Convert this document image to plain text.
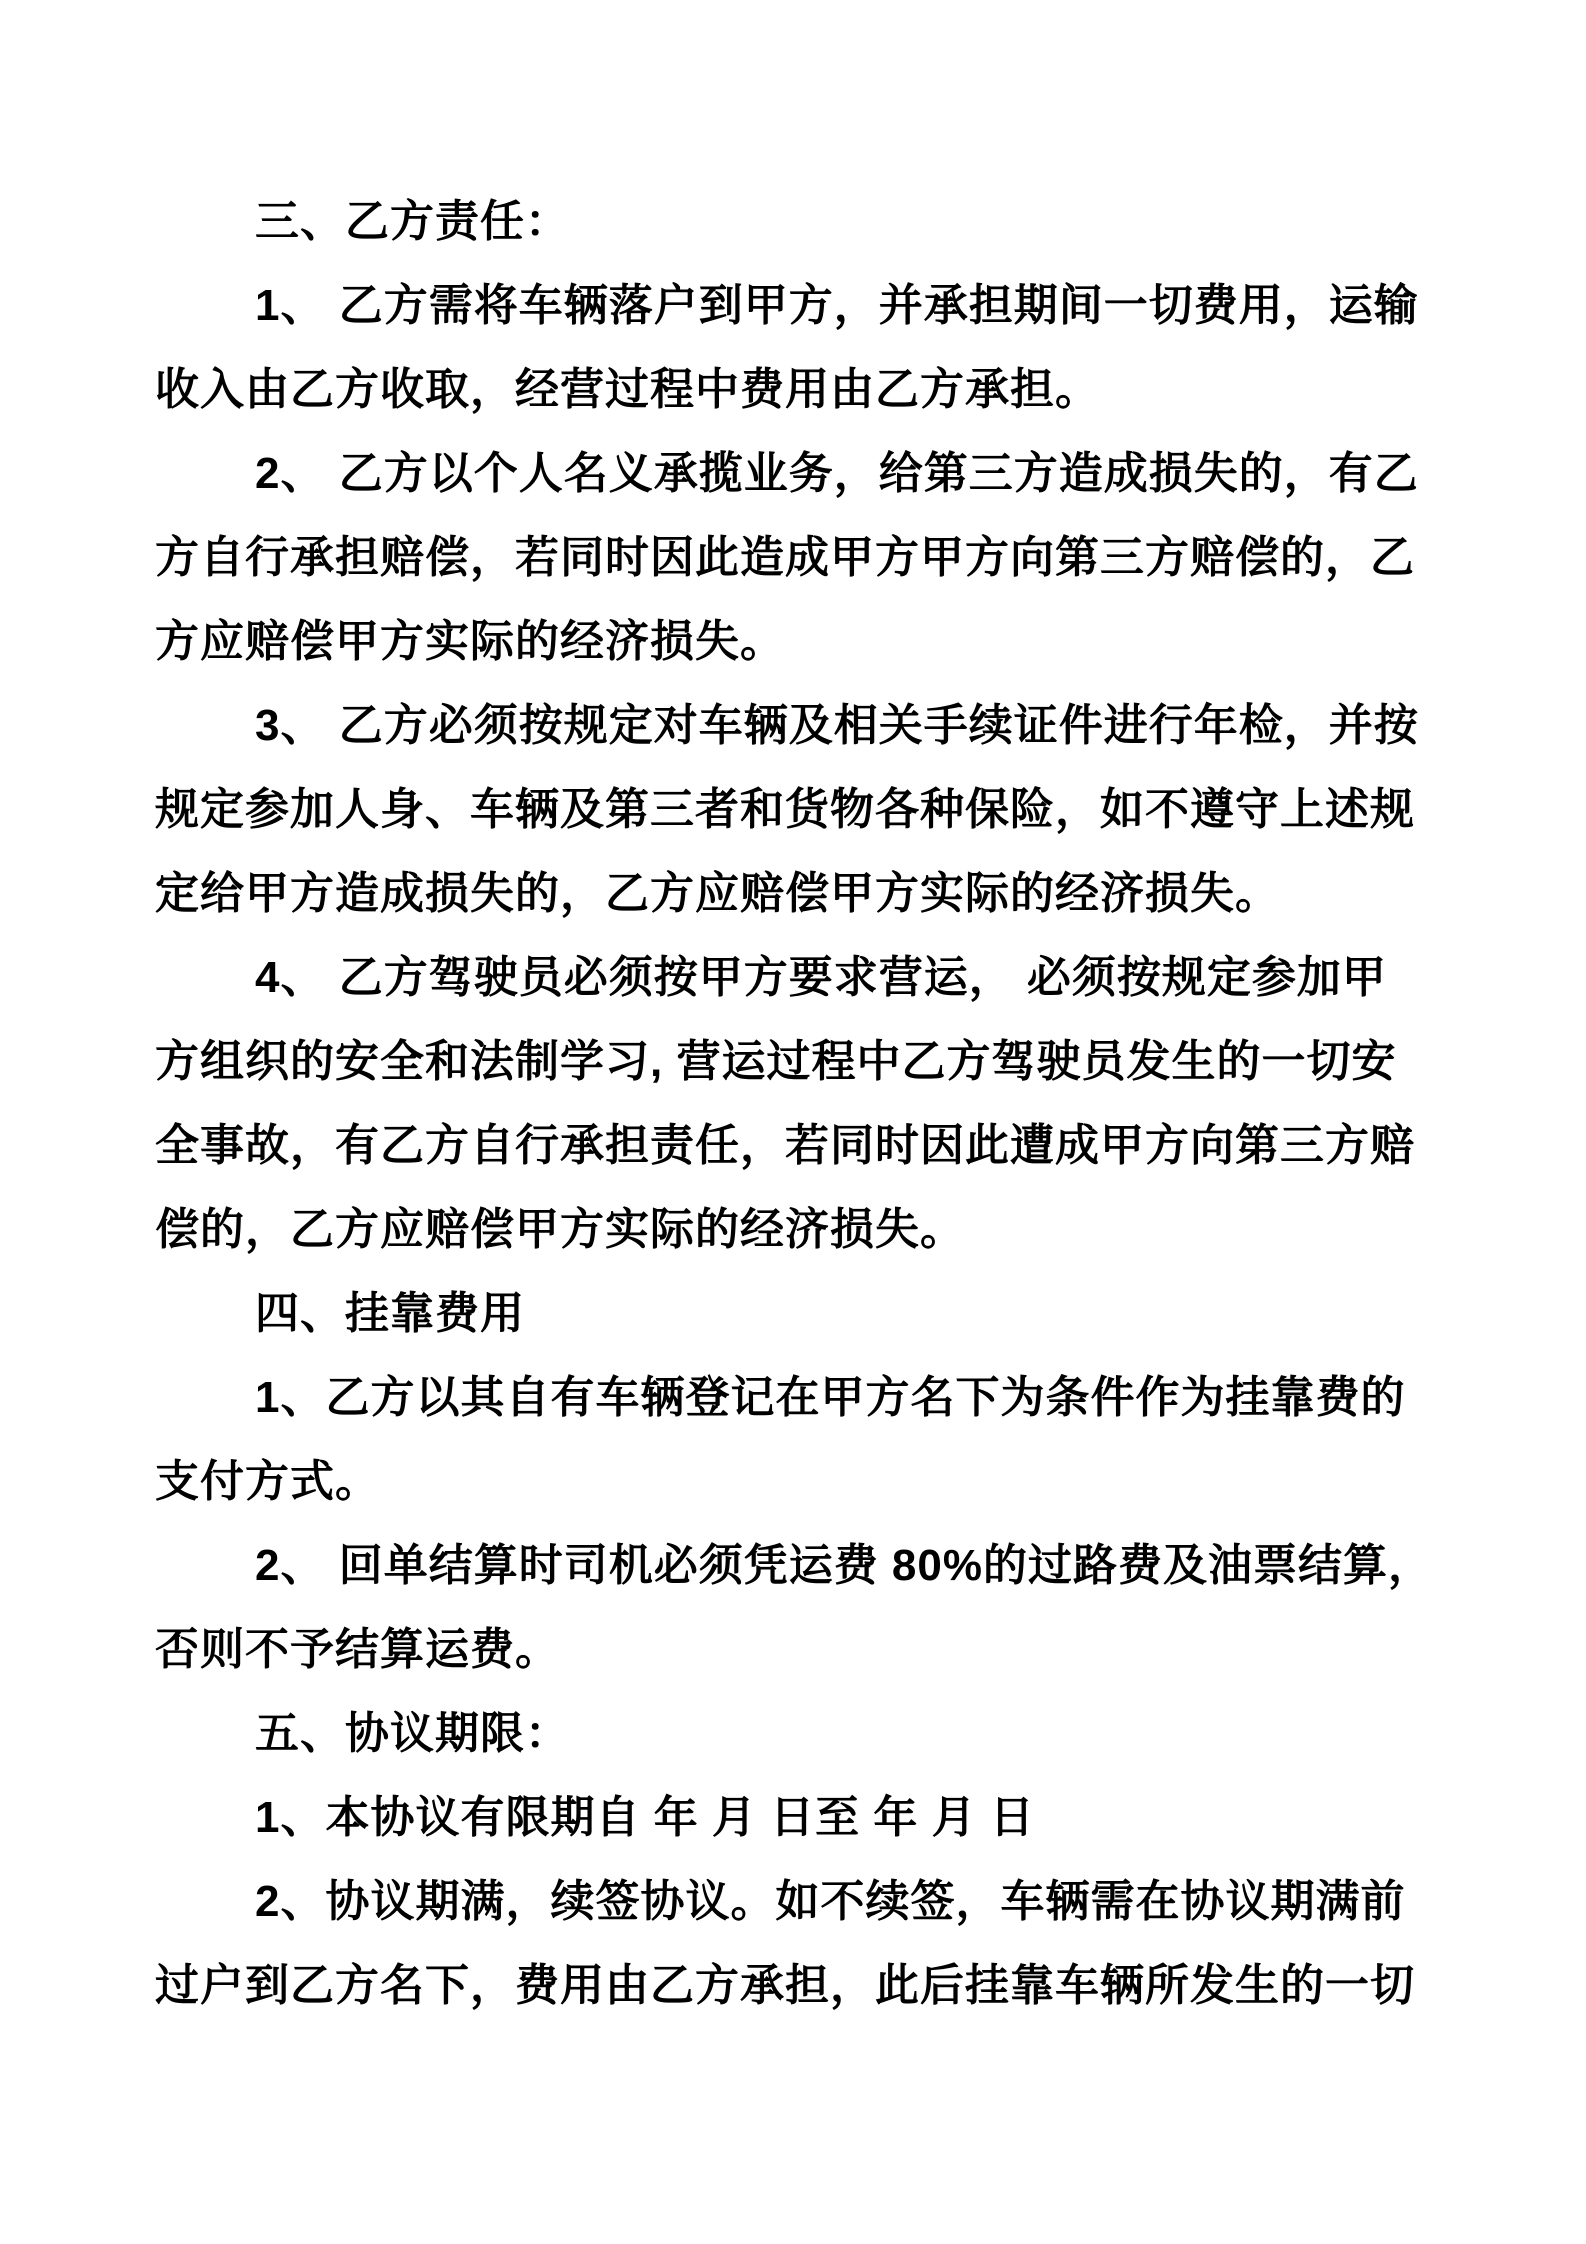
三、乙方责任：
1、 乙方需将车辆落户到甲方，并承担期间一切费用，运输
收入由乙方收取，经营过程中费用由乙方承担。
2、 乙方以个人名义承揽业务，给第三方造成损失的，有乙
方自行承担赔偿，若同时因此造成甲方甲方向第三方赔偿的，乙
方应赔偿甲方实际的经济损失。
3、 乙方必须按规定对车辆及相关手续证件进行年检，并按
规定参加人身、车辆及第三者和货物各种保险，如不遵守上述规
定给甲方造成损失的，乙方应赔偿甲方实际的经济损失。
4、 乙方驾驶员必须按甲方要求营运， 必须按规定参加甲
方组织的安全和法制学习, 营运过程中乙方驾驶员发生的一切安
全事故，有乙方自行承担责任，若同时因此遭成甲方向第三方赔
偿的，乙方应赔偿甲方实际的经济损失。
四、挂靠费用
1、乙方以其自有车辆登记在甲方名下为条件作为挂靠费的
支付方式。
2、 回单结算时司机必须凭运费 80%的过路费及油票结算，
否则不予结算运费。
五、协议期限：
1、本协议有限期自 年 月 日至 年 月 日
2、协议期满，续签协议。如不续签，车辆需在协议期满前
过户到乙方名下，费用由乙方承担，此后挂靠车辆所发生的一切
